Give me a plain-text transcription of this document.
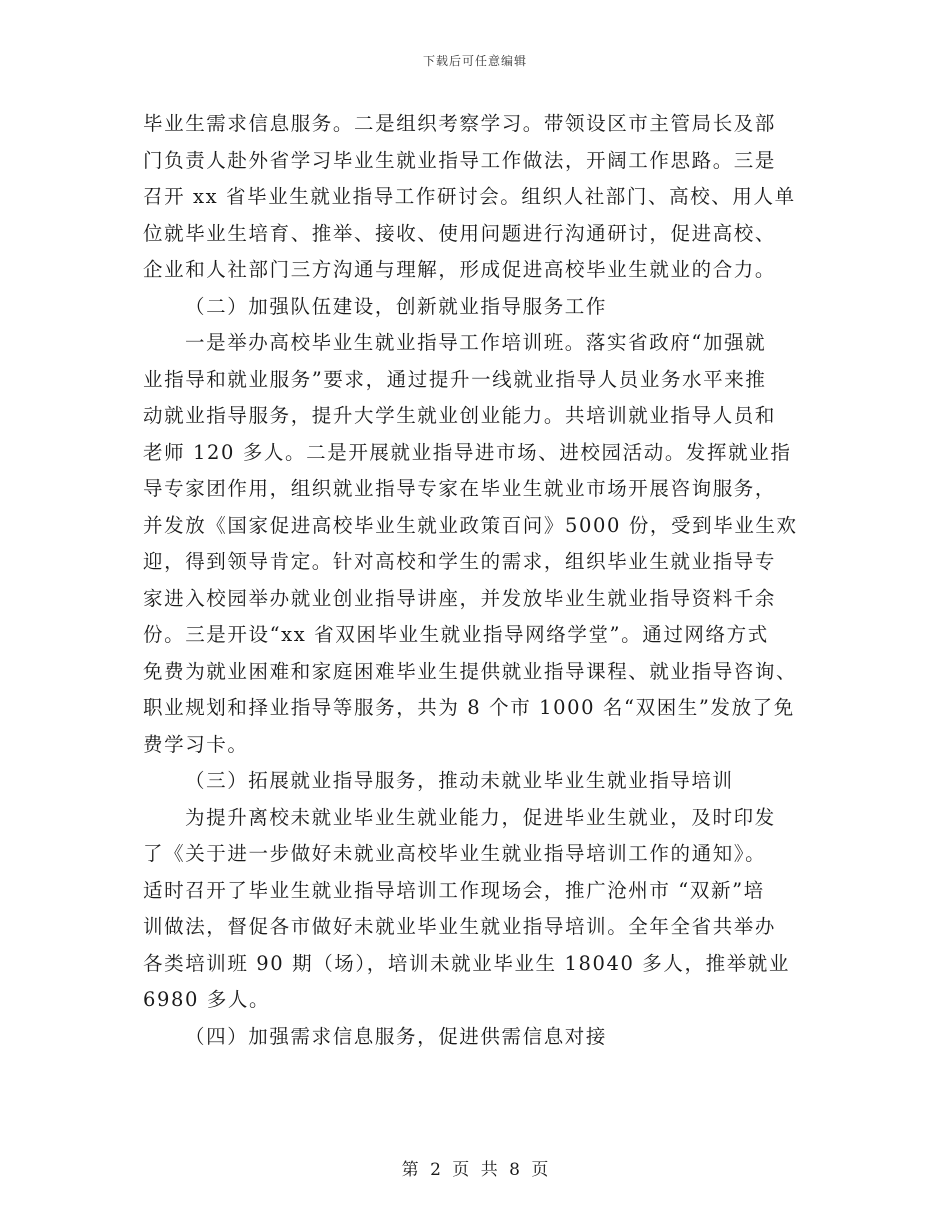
下载后可任意编辑
毕业生需求信息服务。二是组织考察学习。带领设区市主管局长及部
门负责人赴外省学习毕业生就业指导工作做法，开阔工作思路。三是
召开 xx 省毕业生就业指导工作研讨会。组织人社部门、高校、用人单
位就毕业生培育、推举、接收、使用问题进行沟通研讨，促进高校、
企业和人社部门三方沟通与理解，形成促进高校毕业生就业的合力。
（二）加强队伍建设，创新就业指导服务工作
一是举办高校毕业生就业指导工作培训班。落实省政府“加强就
业指导和就业服务”要求，通过提升一线就业指导人员业务水平来推
动就业指导服务，提升大学生就业创业能力。共培训就业指导人员和
老师 120 多人。二是开展就业指导进市场、进校园活动。发挥就业指
导专家团作用，组织就业指导专家在毕业生就业市场开展咨询服务，
并发放《国家促进高校毕业生就业政策百问》5000 份，受到毕业生欢
迎，得到领导肯定。针对高校和学生的需求，组织毕业生就业指导专
家进入校园举办就业创业指导讲座，并发放毕业生就业指导资料千余
份。三是开设“xx 省双困毕业生就业指导网络学堂”。通过网络方式
免费为就业困难和家庭困难毕业生提供就业指导课程、就业指导咨询、
职业规划和择业指导等服务，共为 8 个市 1000 名“双困生”发放了免
费学习卡。
（三）拓展就业指导服务，推动未就业毕业生就业指导培训
为提升离校未就业毕业生就业能力，促进毕业生就业，及时印发
了《关于进一步做好未就业高校毕业生就业指导培训工作的通知》。
适时召开了毕业生就业指导培训工作现场会，推广沧州市 “双新”培
训做法，督促各市做好未就业毕业生就业指导培训。全年全省共举办
各类培训班 90 期（场），培训未就业毕业生 18040 多人，推举就业
6980 多人。
（四）加强需求信息服务，促进供需信息对接
第 2 页 共 8 页
